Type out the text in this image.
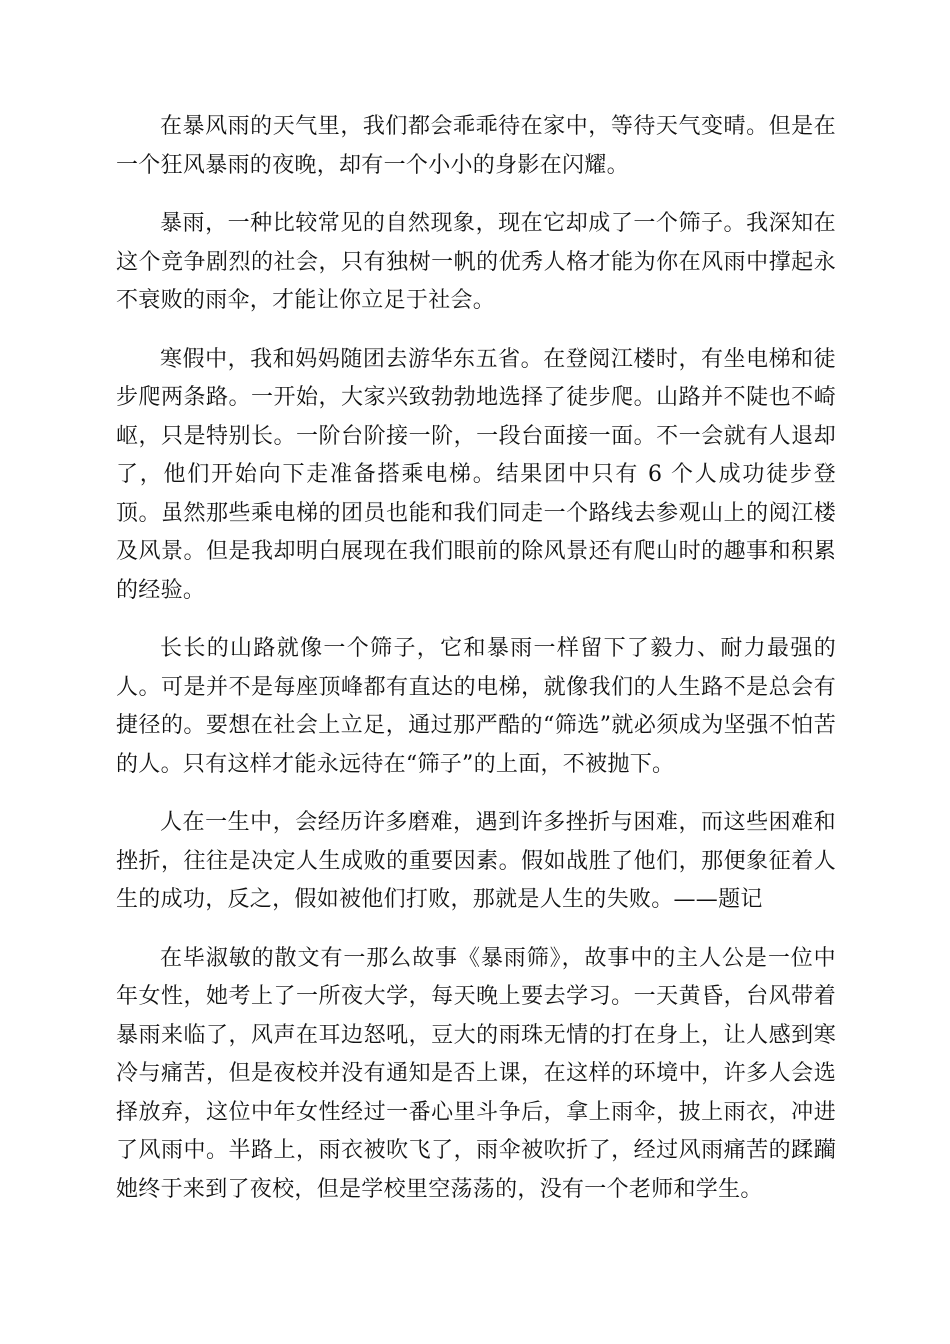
在暴风雨的天气里，我们都会乖乖待在家中，等待天气变晴。但是在一个狂风暴雨的夜晚，却有一个小小的身影在闪耀。

暴雨，一种比较常见的自然现象，现在它却成了一个筛子。我深知在这个竞争剧烈的社会，只有独树一帆的优秀人格才能为你在风雨中撑起永不衰败的雨伞，才能让你立足于社会。

寒假中，我和妈妈随团去游华东五省。在登阅江楼时，有坐电梯和徒步爬两条路。一开始，大家兴致勃勃地选择了徒步爬。山路并不陡也不崎岖，只是特别长。一阶台阶接一阶，一段台面接一面。不一会就有人退却了，他们开始向下走准备搭乘电梯。结果团中只有 6 个人成功徒步登顶。虽然那些乘电梯的团员也能和我们同走一个路线去参观山上的阅江楼及风景。但是我却明白展现在我们眼前的除风景还有爬山时的趣事和积累的经验。

长长的山路就像一个筛子，它和暴雨一样留下了毅力、耐力最强的人。可是并不是每座顶峰都有直达的电梯，就像我们的人生路不是总会有捷径的。要想在社会上立足，通过那严酷的“筛选”就必须成为坚强不怕苦的人。只有这样才能永远待在“筛子”的上面，不被抛下。

人在一生中，会经历许多磨难，遇到许多挫折与困难，而这些困难和挫折，往往是决定人生成败的重要因素。假如战胜了他们，那便象征着人生的成功，反之，假如被他们打败，那就是人生的失败。——题记

在毕淑敏的散文有一那么故事《暴雨筛》，故事中的主人公是一位中年女性，她考上了一所夜大学，每天晚上要去学习。一天黄昏，台风带着暴雨来临了，风声在耳边怒吼，豆大的雨珠无情的打在身上，让人感到寒冷与痛苦，但是夜校并没有通知是否上课，在这样的环境中，许多人会选择放弃，这位中年女性经过一番心里斗争后，拿上雨伞，披上雨衣，冲进了风雨中。半路上，雨衣被吹飞了，雨伞被吹折了，经过风雨痛苦的蹂躏她终于来到了夜校，但是学校里空荡荡的，没有一个老师和学生。
